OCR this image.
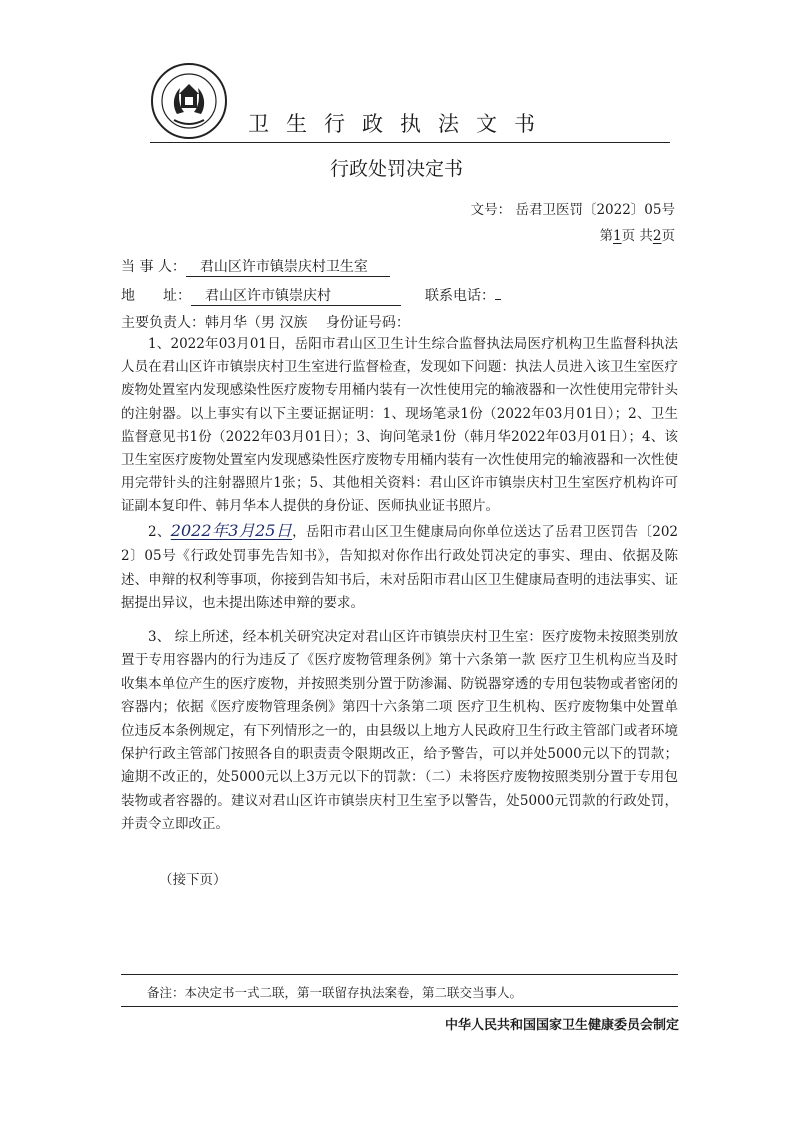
卫生行政执法文书
行政处罚决定书
文号： 岳君卫医罚〔2022〕05号
第1页 共2页
当 事 人： 君山区许市镇崇庆村卫生室
地　　址： 君山区许市镇崇庆村	联系电话：
主要负责人：韩月华（男 汉族　 身份证号码：

1、2022年03月01日，岳阳市君山区卫生计生综合监督执法局医疗机构卫生监督科执法人员在君山区许市镇崇庆村卫生室进行监督检查，发现如下问题：执法人员进入该卫生室医疗废物处置室内发现感染性医疗废物专用桶内装有一次性使用完的输液器和一次性使用完带针头的注射器。以上事实有以下主要证据证明：1、现场笔录1份（2022年03月01日）；2、卫生监督意见书1份（2022年03月01日）；3、询问笔录1份（韩月华2022年03月01日）；4、该卫生室医疗废物处置室内发现感染性医疗废物专用桶内装有一次性使用完的输液器和一次性使用完带针头的注射器照片1张；5、其他相关资料：君山区许市镇崇庆村卫生室医疗机构许可证副本复印件、韩月华本人提供的身份证、医师执业证书照片。

2、2022年3月25日，岳阳市君山区卫生健康局向你单位送达了岳君卫医罚告〔2022〕05号《行政处罚事先告知书》，告知拟对你作出行政处罚决定的事实、理由、依据及陈述、申辩的权利等事项，你接到告知书后，未对岳阳市君山区卫生健康局查明的违法事实、证据提出异议，也未提出陈述申辩的要求。

3、 综上所述，经本机关研究决定对君山区许市镇崇庆村卫生室：医疗废物未按照类别放置于专用容器内的行为违反了《医疗废物管理条例》第十六条第一款 医疗卫生机构应当及时收集本单位产生的医疗废物，并按照类别分置于防渗漏、防锐器穿透的专用包装物或者密闭的容器内；依据《医疗废物管理条例》第四十六条第二项 医疗卫生机构、医疗废物集中处置单位违反本条例规定，有下列情形之一的，由县级以上地方人民政府卫生行政主管部门或者环境保护行政主管部门按照各自的职责责令限期改正，给予警告，可以并处5000元以下的罚款；逾期不改正的，处5000元以上3万元以下的罚款：（二）未将医疗废物按照类别分置于专用包装物或者容器的。建议对君山区许市镇崇庆村卫生室予以警告，处5000元罚款的行政处罚，并责令立即改正。

（接下页）
备注：本决定书一式二联，第一联留存执法案卷，第二联交当事人。
中华人民共和国国家卫生健康委员会制定
